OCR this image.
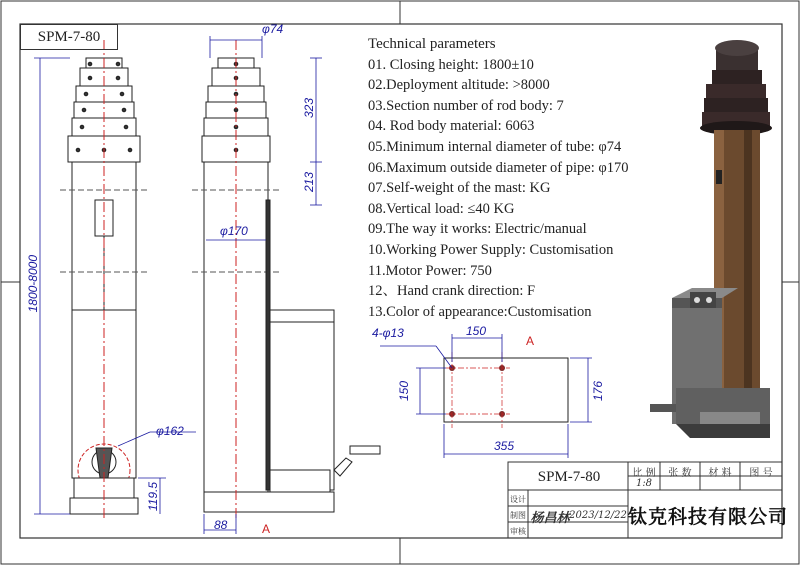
SPM-7-80	Technical parameters
01. Closing height: 1800±10
02.Deployment altitude: >8000
03.Section number of rod body: 7
04. Rod body material: 6063
05.Minimum internal diameter of tube: φ74
06.Maximum outside diameter of pipe: φ170
07.Self-weight of the mast: KG
08.Vertical load: ≤40 KG
09.The way it works: Electric/manual
10.Working Power Supply: Customisation
11.Motor Power: 750
12、Hand crank direction: F
13.Color of appearance:Customisation
φ74
323
213
φ170
1800-8000
φ162
119.5
88
4-φ13	150
150	176
355
A
A
SPM-7-80	比 例	张 数	材 料	图 号
1:8
设计
制图
审核
杨昌林 2023/12/22 钛克科技有限公司
